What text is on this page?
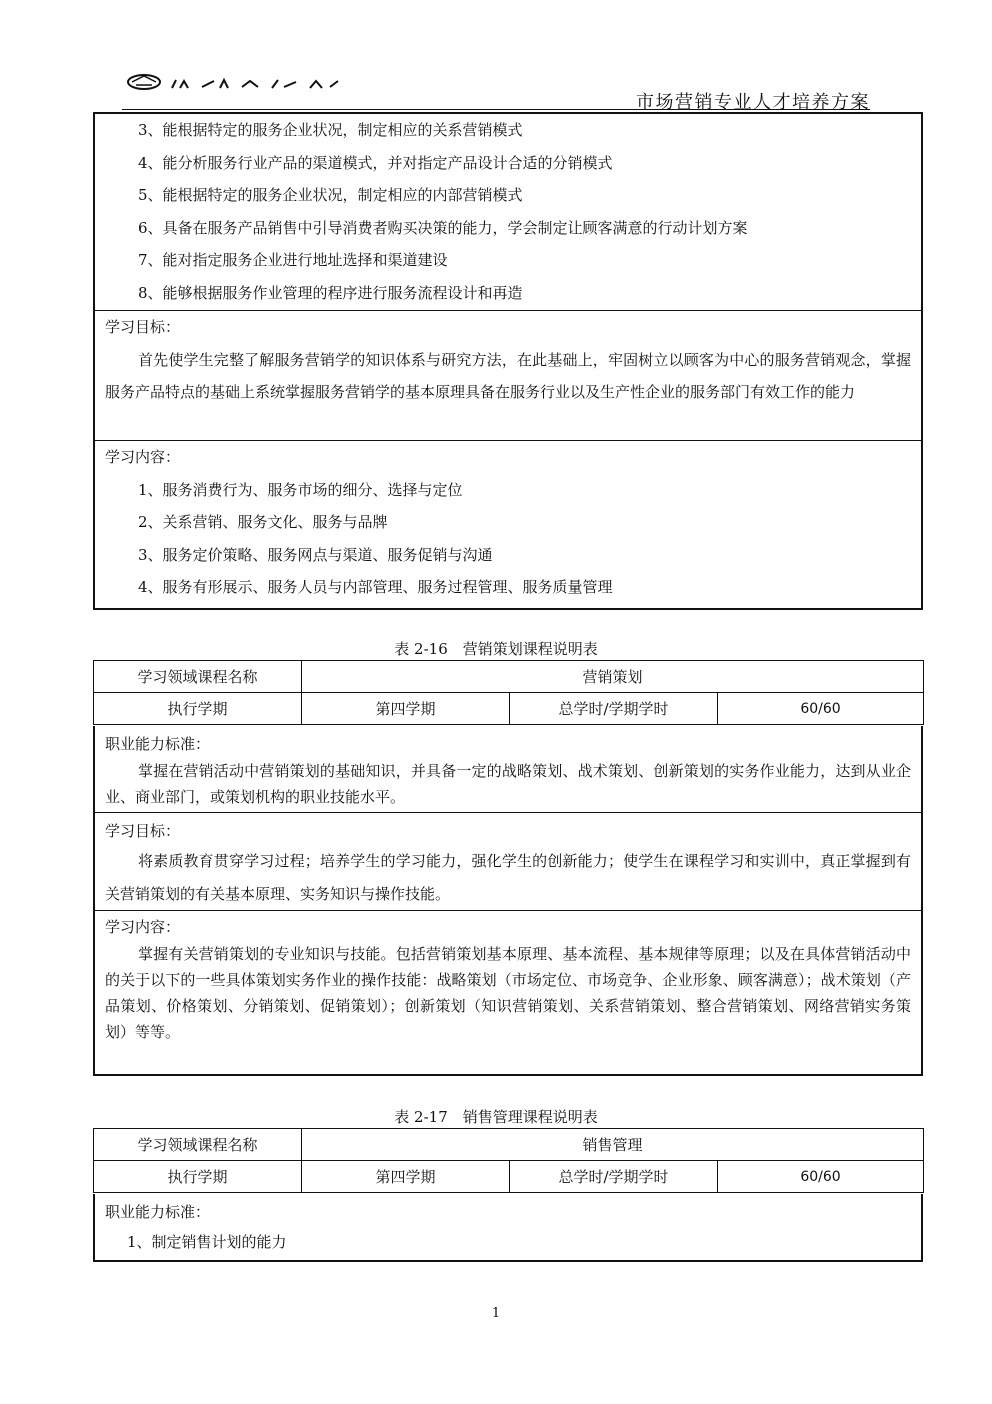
市场营销专业人才培养方案
3、能根据特定的服务企业状况，制定相应的关系营销模式
4、能分析服务行业产品的渠道模式，并对指定产品设计合适的分销模式
5、能根据特定的服务企业状况，制定相应的内部营销模式
6、具备在服务产品销售中引导消费者购买决策的能力，学会制定让顾客满意的行动计划方案
7、能对指定服务企业进行地址选择和渠道建设
8、能够根据服务作业管理的程序进行服务流程设计和再造
学习目标：

首先使学生完整了解服务营销学的知识体系与研究方法，在此基础上，牢固树立以顾客为中心的服务营销观念，掌握服务产品特点的基础上系统掌握服务营销学的基本原理具备在服务行业以及生产性企业的服务部门有效工作的能力

学习内容：
1、服务消费行为、服务市场的细分、选择与定位
2、关系营销、服务文化、服务与品牌
3、服务定价策略、服务网点与渠道、服务促销与沟通
4、服务有形展示、服务人员与内部管理、服务过程管理、服务质量管理
表 2-16　营销策划课程说明表
学习领域课程名称	营销策划		
执行学期	第四学期	总学时/学期学时	60/60
职业能力标准：

掌握在营销活动中营销策划的基础知识，并具备一定的战略策划、战术策划、创新策划的实务作业能力，达到从业企业、商业部门，或策划机构的职业技能水平。

学习目标：

将素质教育贯穿学习过程；培养学生的学习能力，强化学生的创新能力；使学生在课程学习和实训中，真正掌握到有关营销策划的有关基本原理、实务知识与操作技能。

学习内容：

掌握有关营销策划的专业知识与技能。包括营销策划基本原理、基本流程、基本规律等原理；以及在具体营销活动中的关于以下的一些具体策划实务作业的操作技能：战略策划（市场定位、市场竞争、企业形象、顾客满意）；战术策划（产品策划、价格策划、分销策划、促销策划）；创新策划（知识营销策划、关系营销策划、整合营销策划、网络营销实务策划）等等。

表 2-17　销售管理课程说明表
学习领域课程名称	销售管理		
执行学期	第四学期	总学时/学期学时	60/60
职业能力标准：
1、制定销售计划的能力
1
